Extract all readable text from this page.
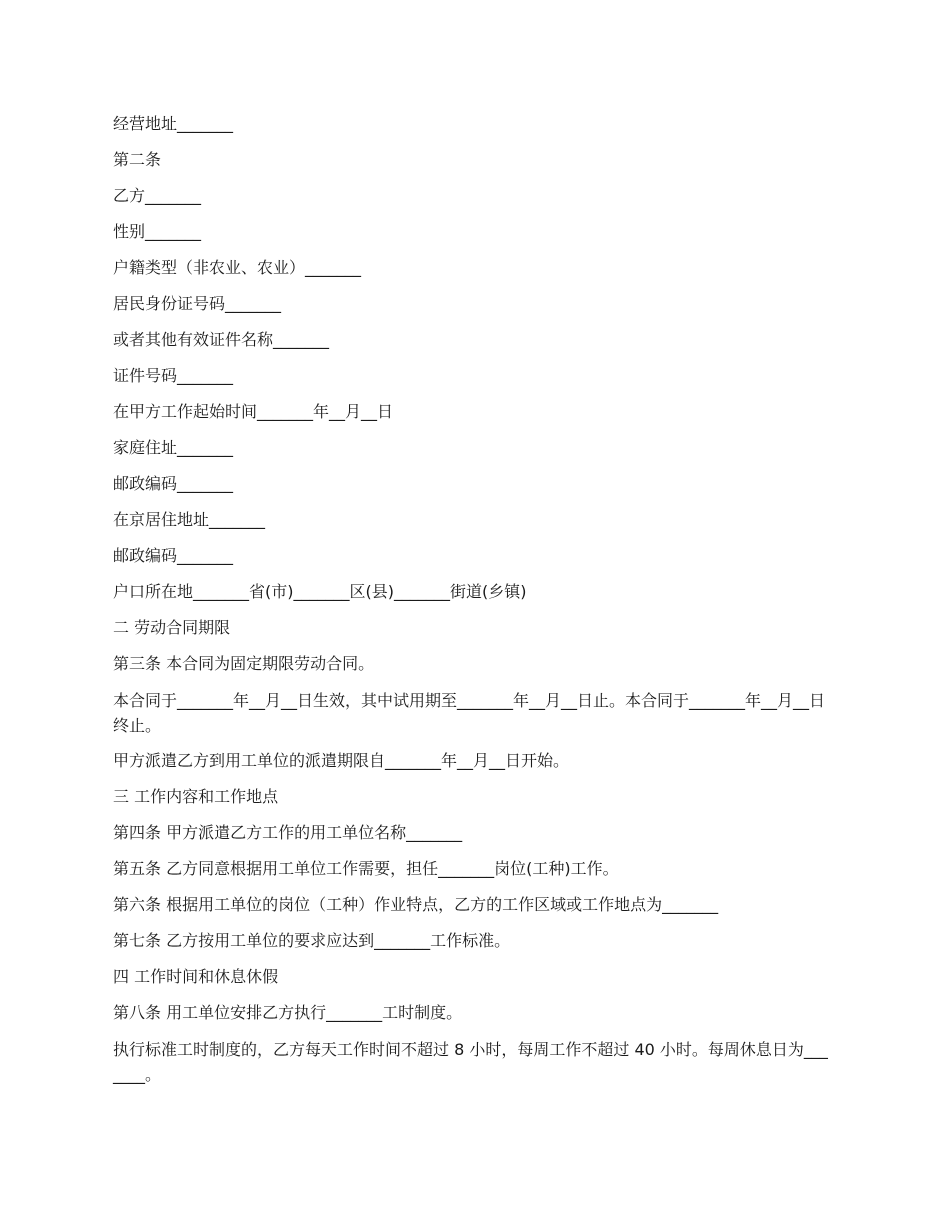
经营地址_______
第二条
乙方_______
性别_______
户籍类型（非农业、农业）_______
居民身份证号码_______
或者其他有效证件名称_______
证件号码_______
在甲方工作起始时间_______年__月__日
家庭住址_______
邮政编码_______
在京居住地址_______
邮政编码_______
户口所在地_______省(市)_______区(县)_______街道(乡镇)
二 劳动合同期限
第三条 本合同为固定期限劳动合同。
本合同于_______年__月__日生效，其中试用期至_______年__月__日止。本合同于_______年__月__日终止。
甲方派遣乙方到用工单位的派遣期限自_______年__月__日开始。
三 工作内容和工作地点
第四条 甲方派遣乙方工作的用工单位名称_______
第五条 乙方同意根据用工单位工作需要，担任_______岗位(工种)工作。
第六条 根据用工单位的岗位（工种）作业特点，乙方的工作区域或工作地点为_______
第七条 乙方按用工单位的要求应达到_______工作标准。
四 工作时间和休息休假
第八条 用工单位安排乙方执行_______工时制度。
执行标准工时制度的，乙方每天工作时间不超过 8 小时，每周工作不超过 40 小时。每周休息日为_______。
